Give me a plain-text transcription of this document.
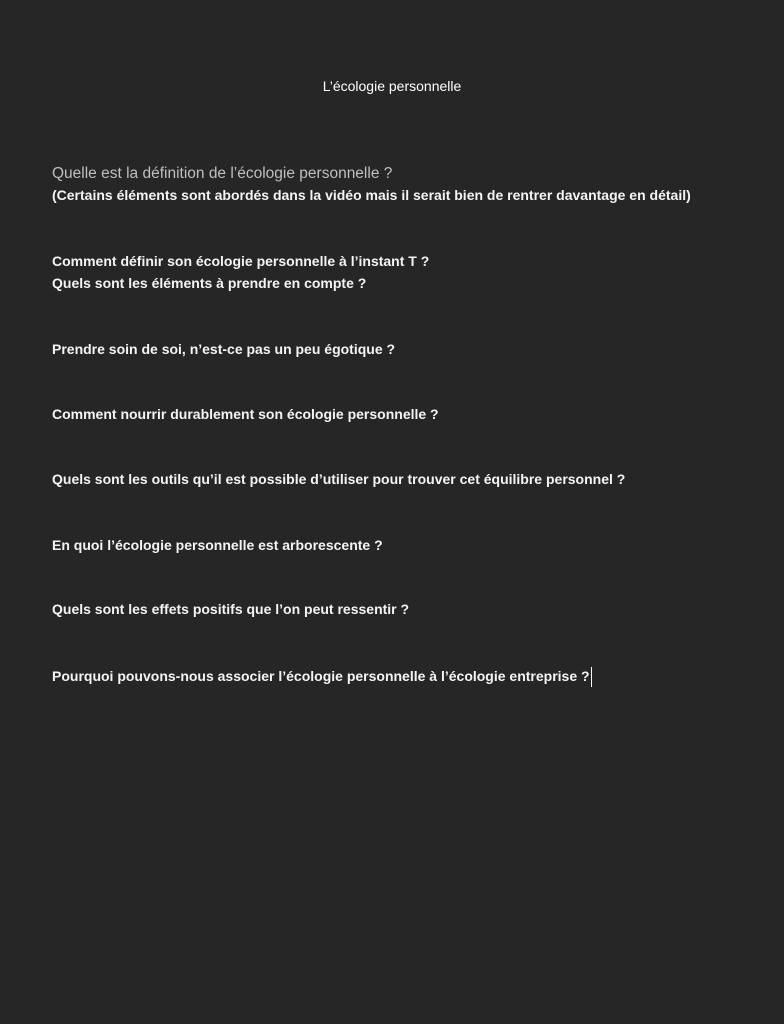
L’écologie personnelle
Quelle est la définition de l’écologie personnelle ?
(Certains éléments sont abordés dans la vidéo mais il serait bien de rentrer davantage en détail)
Comment définir son écologie personnelle à l’instant T ?
Quels sont les éléments à prendre en compte ?
Prendre soin de soi, n’est-ce pas un peu égotique ?
Comment nourrir durablement son écologie personnelle ?
Quels sont les outils qu’il est possible d’utiliser pour trouver cet équilibre personnel ?
En quoi l’écologie personnelle est arborescente ?
Quels sont les effets positifs que l’on peut ressentir ?
Pourquoi pouvons-nous associer l’écologie personnelle à l’écologie entreprise ?
